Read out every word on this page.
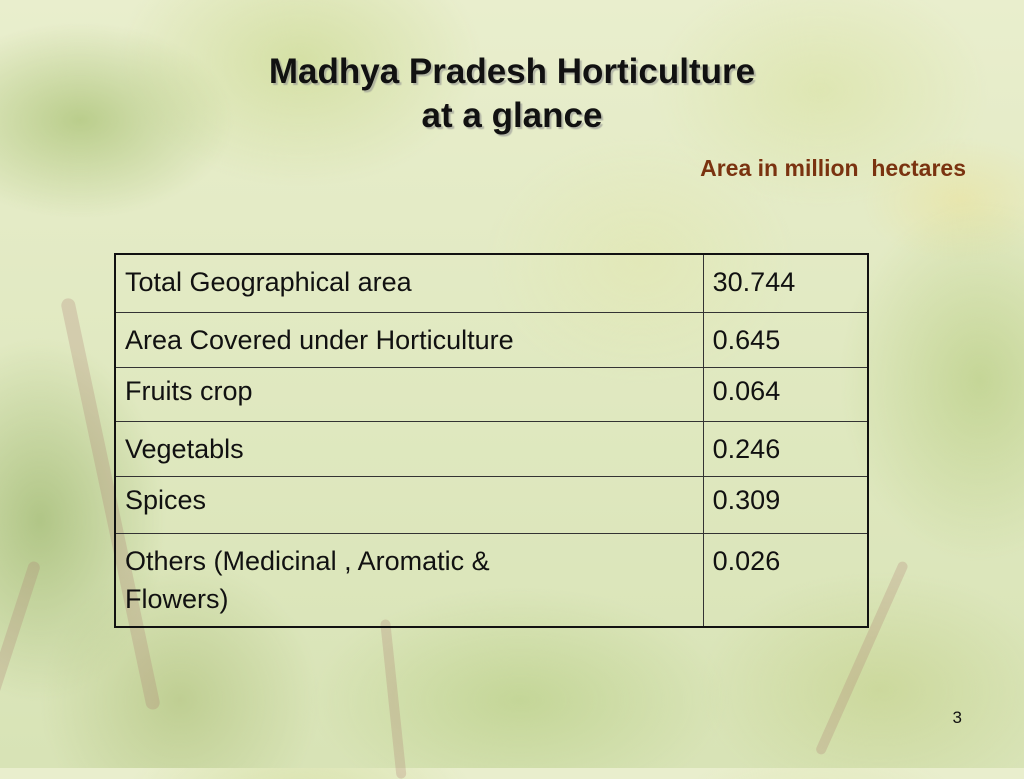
Madhya Pradesh Horticulture
at a glance
Area in million  hectares
Total Geographical area	30.744
Area Covered under Horticulture	0.645
Fruits crop	0.064
Vegetabls	0.246
Spices	0.309
Others (Medicinal , Aromatic & Flowers)	0.026
3
